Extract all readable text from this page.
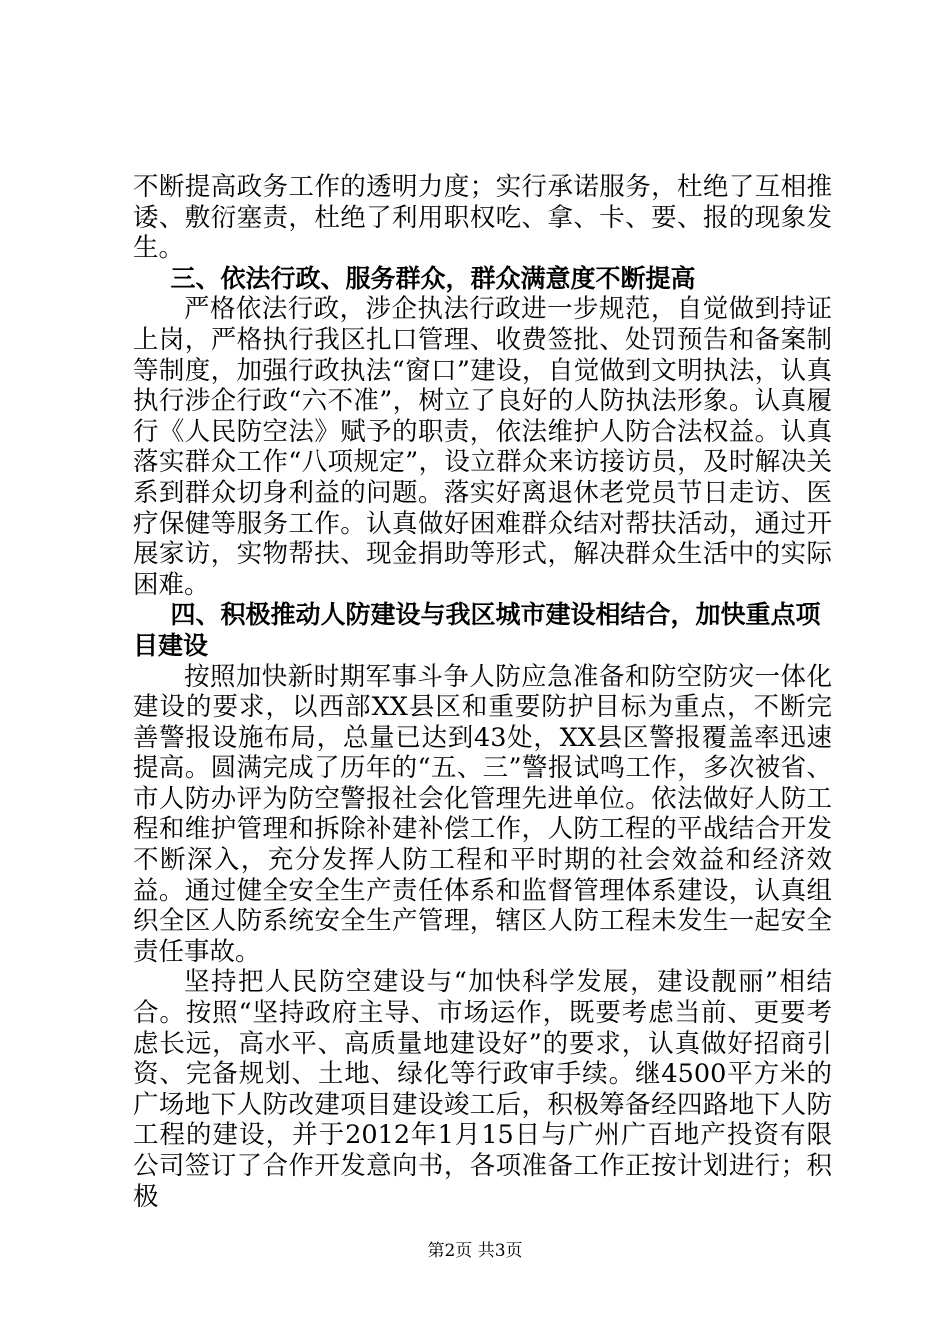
不断提高政务工作的透明力度；实行承诺服务，杜绝了互相推诿、敷衍塞责，杜绝了利用职权吃、拿、卡、要、报的现象发生。

三、依法行政、服务群众，群众满意度不断提高

严格依法行政，涉企执法行政进一步规范，自觉做到持证上岗，严格执行我区扎口管理、收费签批、处罚预告和备案制等制度，加强行政执法“窗口”建设，自觉做到文明执法，认真执行涉企行政“六不准”，树立了良好的人防执法形象。认真履行《人民防空法》赋予的职责，依法维护人防合法权益。认真落实群众工作“八项规定”，设立群众来访接访员，及时解决关系到群众切身利益的问题。落实好离退休老党员节日走访、医疗保健等服务工作。认真做好困难群众结对帮扶活动，通过开展家访，实物帮扶、现金捐助等形式，解决群众生活中的实际困难。

四、积极推动人防建设与我区城市建设相结合，加快重点项目建设

按照加快新时期军事斗争人防应急准备和防空防灾一体化建设的要求，以西部XX县区和重要防护目标为重点，不断完善警报设施布局，总量已达到43处，XX县区警报覆盖率迅速提高。圆满完成了历年的“五、三”警报试鸣工作，多次被省、市人防办评为防空警报社会化管理先进单位。依法做好人防工程和维护管理和拆除补建补偿工作，人防工程的平战结合开发不断深入，充分发挥人防工程和平时期的社会效益和经济效益。通过健全安全生产责任体系和监督管理体系建设，认真组织全区人防系统安全生产管理，辖区人防工程未发生一起安全责任事故。

坚持把人民防空建设与“加快科学发展，建设靓丽”相结合。按照“坚持政府主导、市场运作，既要考虑当前、更要考虑长远，高水平、高质量地建设好”的要求，认真做好招商引资、完备规划、土地、绿化等行政审手续。继4500平方米的广场地下人防改建项目建设竣工后，积极筹备经四路地下人防工程的建设，并于2012年1月15日与广州广百地产投资有限公司签订了合作开发意向书，各项准备工作正按计划进行；积极

第2页 共3页
